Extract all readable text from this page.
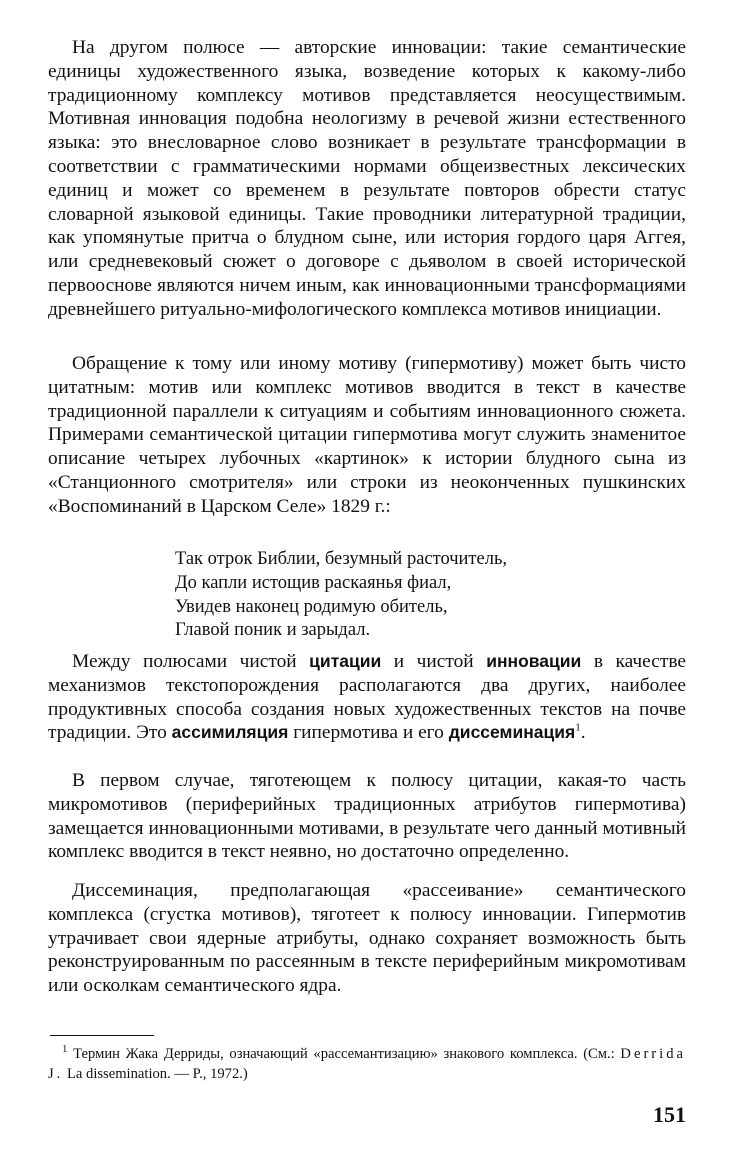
На другом полюсе — авторские инновации: такие семантические единицы художественного языка, возведение которых к какому-либо традиционному комплексу мотивов представляется неосуществимым. Мотивная инновация подобна неологизму в речевой жизни естественного языка: это внесловарное слово возникает в результате трансформации в соответствии с грамматическими нормами общеизвестных лексических единиц и может со временем в результате повторов обрести статус словарной языковой единицы. Такие проводники литературной традиции, как упомянутые притча о блудном сыне, или история гордого царя Аггея, или средневековый сюжет о договоре с дьяволом в своей исторической первооснове являются ничем иным, как инновационными трансформациями древнейшего ритуально-мифологического комплекса мотивов инициации.

Обращение к тому или иному мотиву (гипермотиву) может быть чисто цитатным: мотив или комплекс мотивов вводится в текст в качестве традиционной параллели к ситуациям и событиям инновационного сюжета. Примерами семантической цитации гипермотива могут служить знаменитое описание четырех лубочных «картинок» к истории блудного сына из «Станционного смотрителя» или строки из неоконченных пушкинских «Воспоминаний в Царском Селе» 1829 г.:

Так отрок Библии, безумный расточитель,
До капли истощив раскаянья фиал,
Увидев наконец родимую обитель,
Главой поник и зарыдал.

Между полюсами чистой цитации и чистой инновации в качестве механизмов текстопорождения располагаются два других, наиболее продуктивных способа создания новых художественных текстов на почве традиции. Это ассимиляция гипермотива и его диссеминация$^1$.

В первом случае, тяготеющем к полюсу цитации, какая-то часть микромотивов (периферийных традиционных атрибутов гипермотива) замещается инновационными мотивами, в результате чего данный мотивный комплекс вводится в текст неявно, но достаточно определенно.

Диссеминация, предполагающая «рассеивание» семантического комплекса (сгустка мотивов), тяготеет к полюсу инновации. Гипермотив утрачивает свои ядерные атрибуты, однако сохраняет возможность быть реконструированным по рассеянным в тексте периферийным микромотивам или осколкам семантического ядра.

$^1$ Термин Жака Дерриды, означающий «рассемантизацию» знакового комплекса. (См.: Derrida J. La dissemination. — P., 1972.)

151
